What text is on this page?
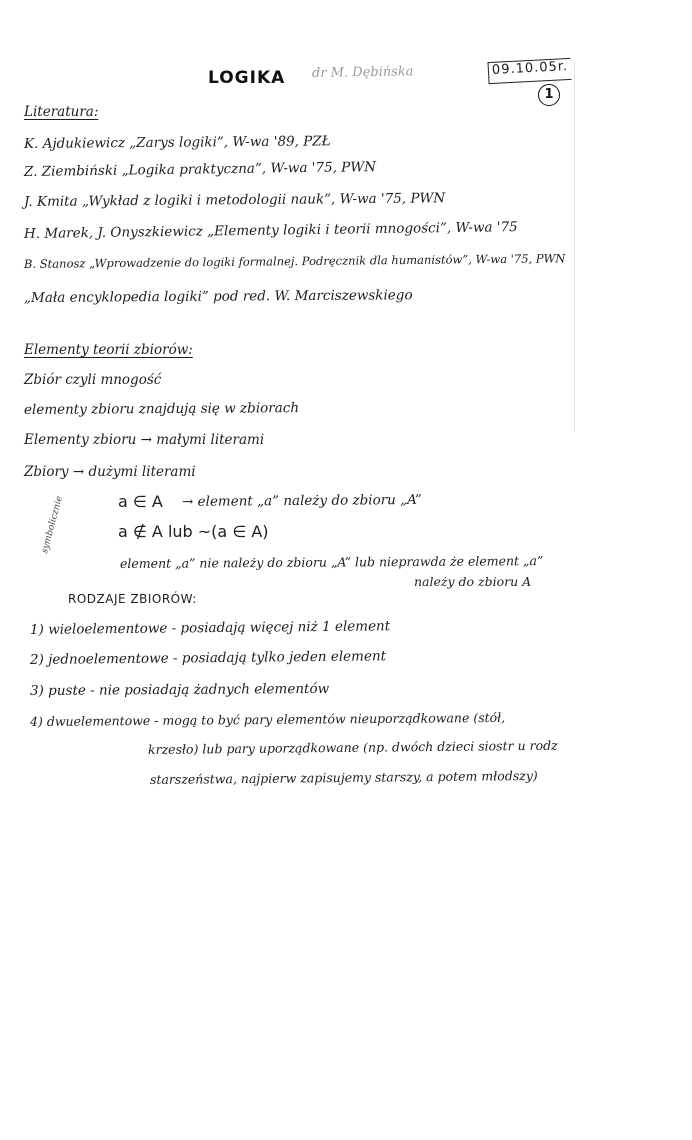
LOGIKA dr M. Dębińska	09.10.05r.
1
Literatura:
K. Ajdukiewicz „Zarys logiki”, W-wa '89, PZŁ
Z. Ziembiński „Logika praktyczna”, W-wa '75, PWN
J. Kmita „Wykład z logiki i metodologii nauk”, W-wa '75, PWN
H. Marek, J. Onyszkiewicz „Elementy logiki i teorii mnogości”, W-wa '75
B. Stanosz „Wprowadzenie do logiki formalnej. Podręcznik dla humanistów”, W-wa '75, PWN
„Mała encyklopedia logiki” pod red. W. Marciszewskiego
Elementy teorii zbiorów:
Zbiór czyli mnogość
elementy zbioru znajdują się w zbiorach
Elementy zbioru → małymi literami
Zbiory → dużymi literami
a ∈ A → element „a” należy do zbioru „A”
a ∉ A lub ~(a ∈ A)
symbolicznie
element „a” nie należy do zbioru „A” lub nieprawda że element „a”
należy do zbioru A
RODZAJE ZBIORÓW:
1) wieloelementowe - posiadają więcej niż 1 element
2) jednoelementowe - posiadają tylko jeden element
3) puste - nie posiadają żadnych elementów
4) dwuelementowe - mogą to być pary elementów nieuporządkowane (stół,
krzesło) lub pary uporządkowane (np. dwóch dzieci siostr u rodz
starszeństwa, najpierw zapisujemy starszy, a potem młodszy)
